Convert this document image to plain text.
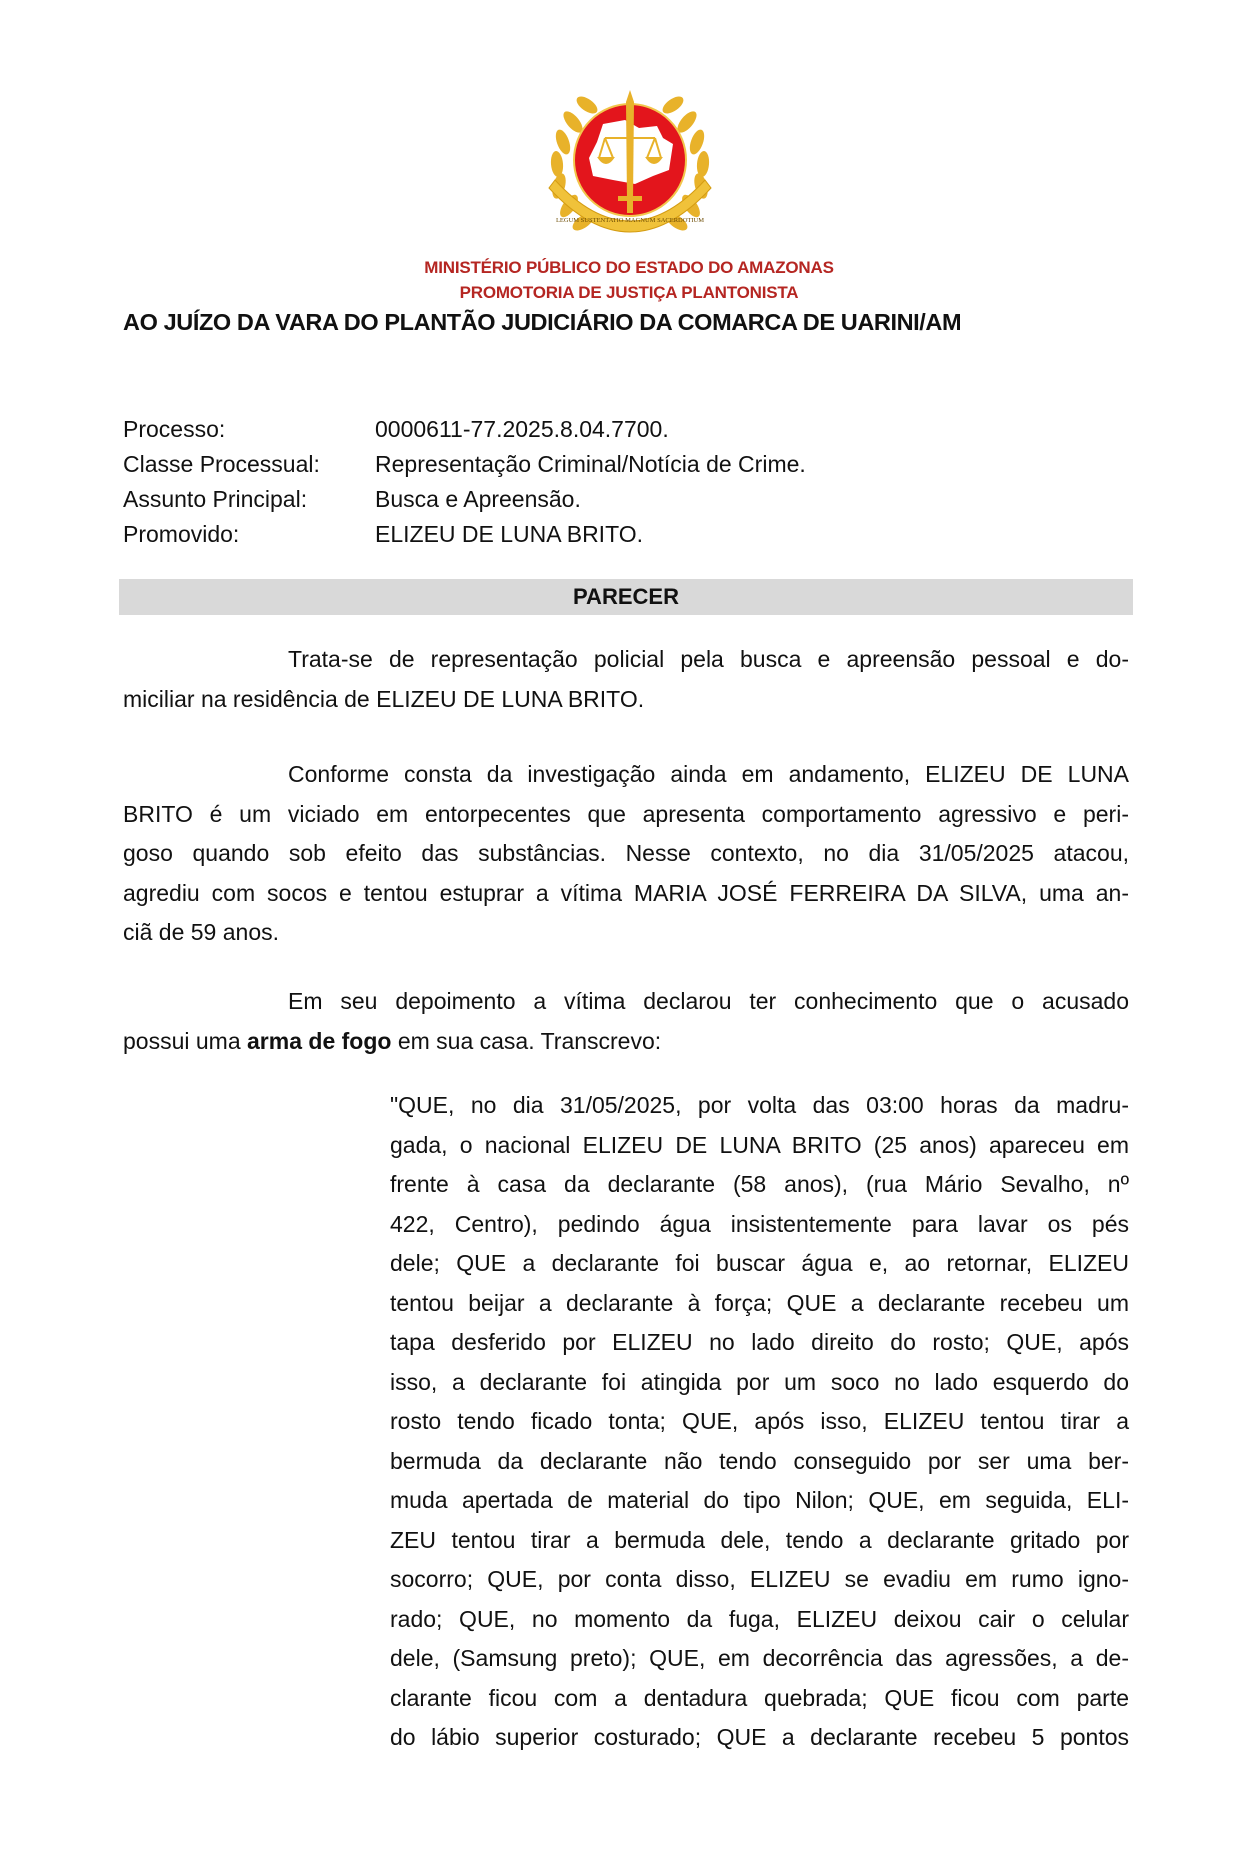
LEGUM SUSTENTATIO MAGNUM SACERDOTIUM
MINISTÉRIO PÚBLICO DO ESTADO DO AMAZONAS
PROMOTORIA DE JUSTIÇA PLANTONISTA
AO JUÍZO DA VARA DO PLANTÃO JUDICIÁRIO DA COMARCA DE UARINI/AM
Processo:	0000611-77.2025.8.04.7700.
Classe Processual:	Representação Criminal/Notícia de Crime.
Assunto Principal:	Busca e Apreensão.
Promovido:	ELIZEU DE LUNA BRITO.
PARECER
Trata-se de representação policial pela busca e apreensão pessoal e do-
miciliar na residência de ELIZEU DE LUNA BRITO.
Conforme consta da investigação ainda em andamento, ELIZEU DE LUNA
BRITO é um viciado em entorpecentes que apresenta comportamento agressivo e peri-
goso quando sob efeito das substâncias. Nesse contexto, no dia 31/05/2025 atacou,
agrediu com socos e tentou estuprar a vítima MARIA JOSÉ FERREIRA DA SILVA, uma an-
ciã de 59 anos.
Em seu depoimento a vítima declarou ter conhecimento que o acusado
possui uma arma de fogo em sua casa. Transcrevo:
"QUE, no dia 31/05/2025, por volta das 03:00 horas da madru-
gada, o nacional ELIZEU DE LUNA BRITO (25 anos) apareceu em
frente à casa da declarante (58 anos), (rua Mário Sevalho, nº
422, Centro), pedindo água insistentemente para lavar os pés
dele; QUE a declarante foi buscar água e, ao retornar, ELIZEU
tentou beijar a declarante à força; QUE a declarante recebeu um
tapa desferido por ELIZEU no lado direito do rosto; QUE, após
isso, a declarante foi atingida por um soco no lado esquerdo do
rosto tendo ficado tonta; QUE, após isso, ELIZEU tentou tirar a
bermuda da declarante não tendo conseguido por ser uma ber-
muda apertada de material do tipo Nilon; QUE, em seguida, ELI-
ZEU tentou tirar a bermuda dele, tendo a declarante gritado por
socorro; QUE, por conta disso, ELIZEU se evadiu em rumo igno-
rado; QUE, no momento da fuga, ELIZEU deixou cair o celular
dele, (Samsung preto); QUE, em decorrência das agressões, a de-
clarante ficou com a dentadura quebrada; QUE ficou com parte
do lábio superior costurado; QUE a declarante recebeu 5 pontos
